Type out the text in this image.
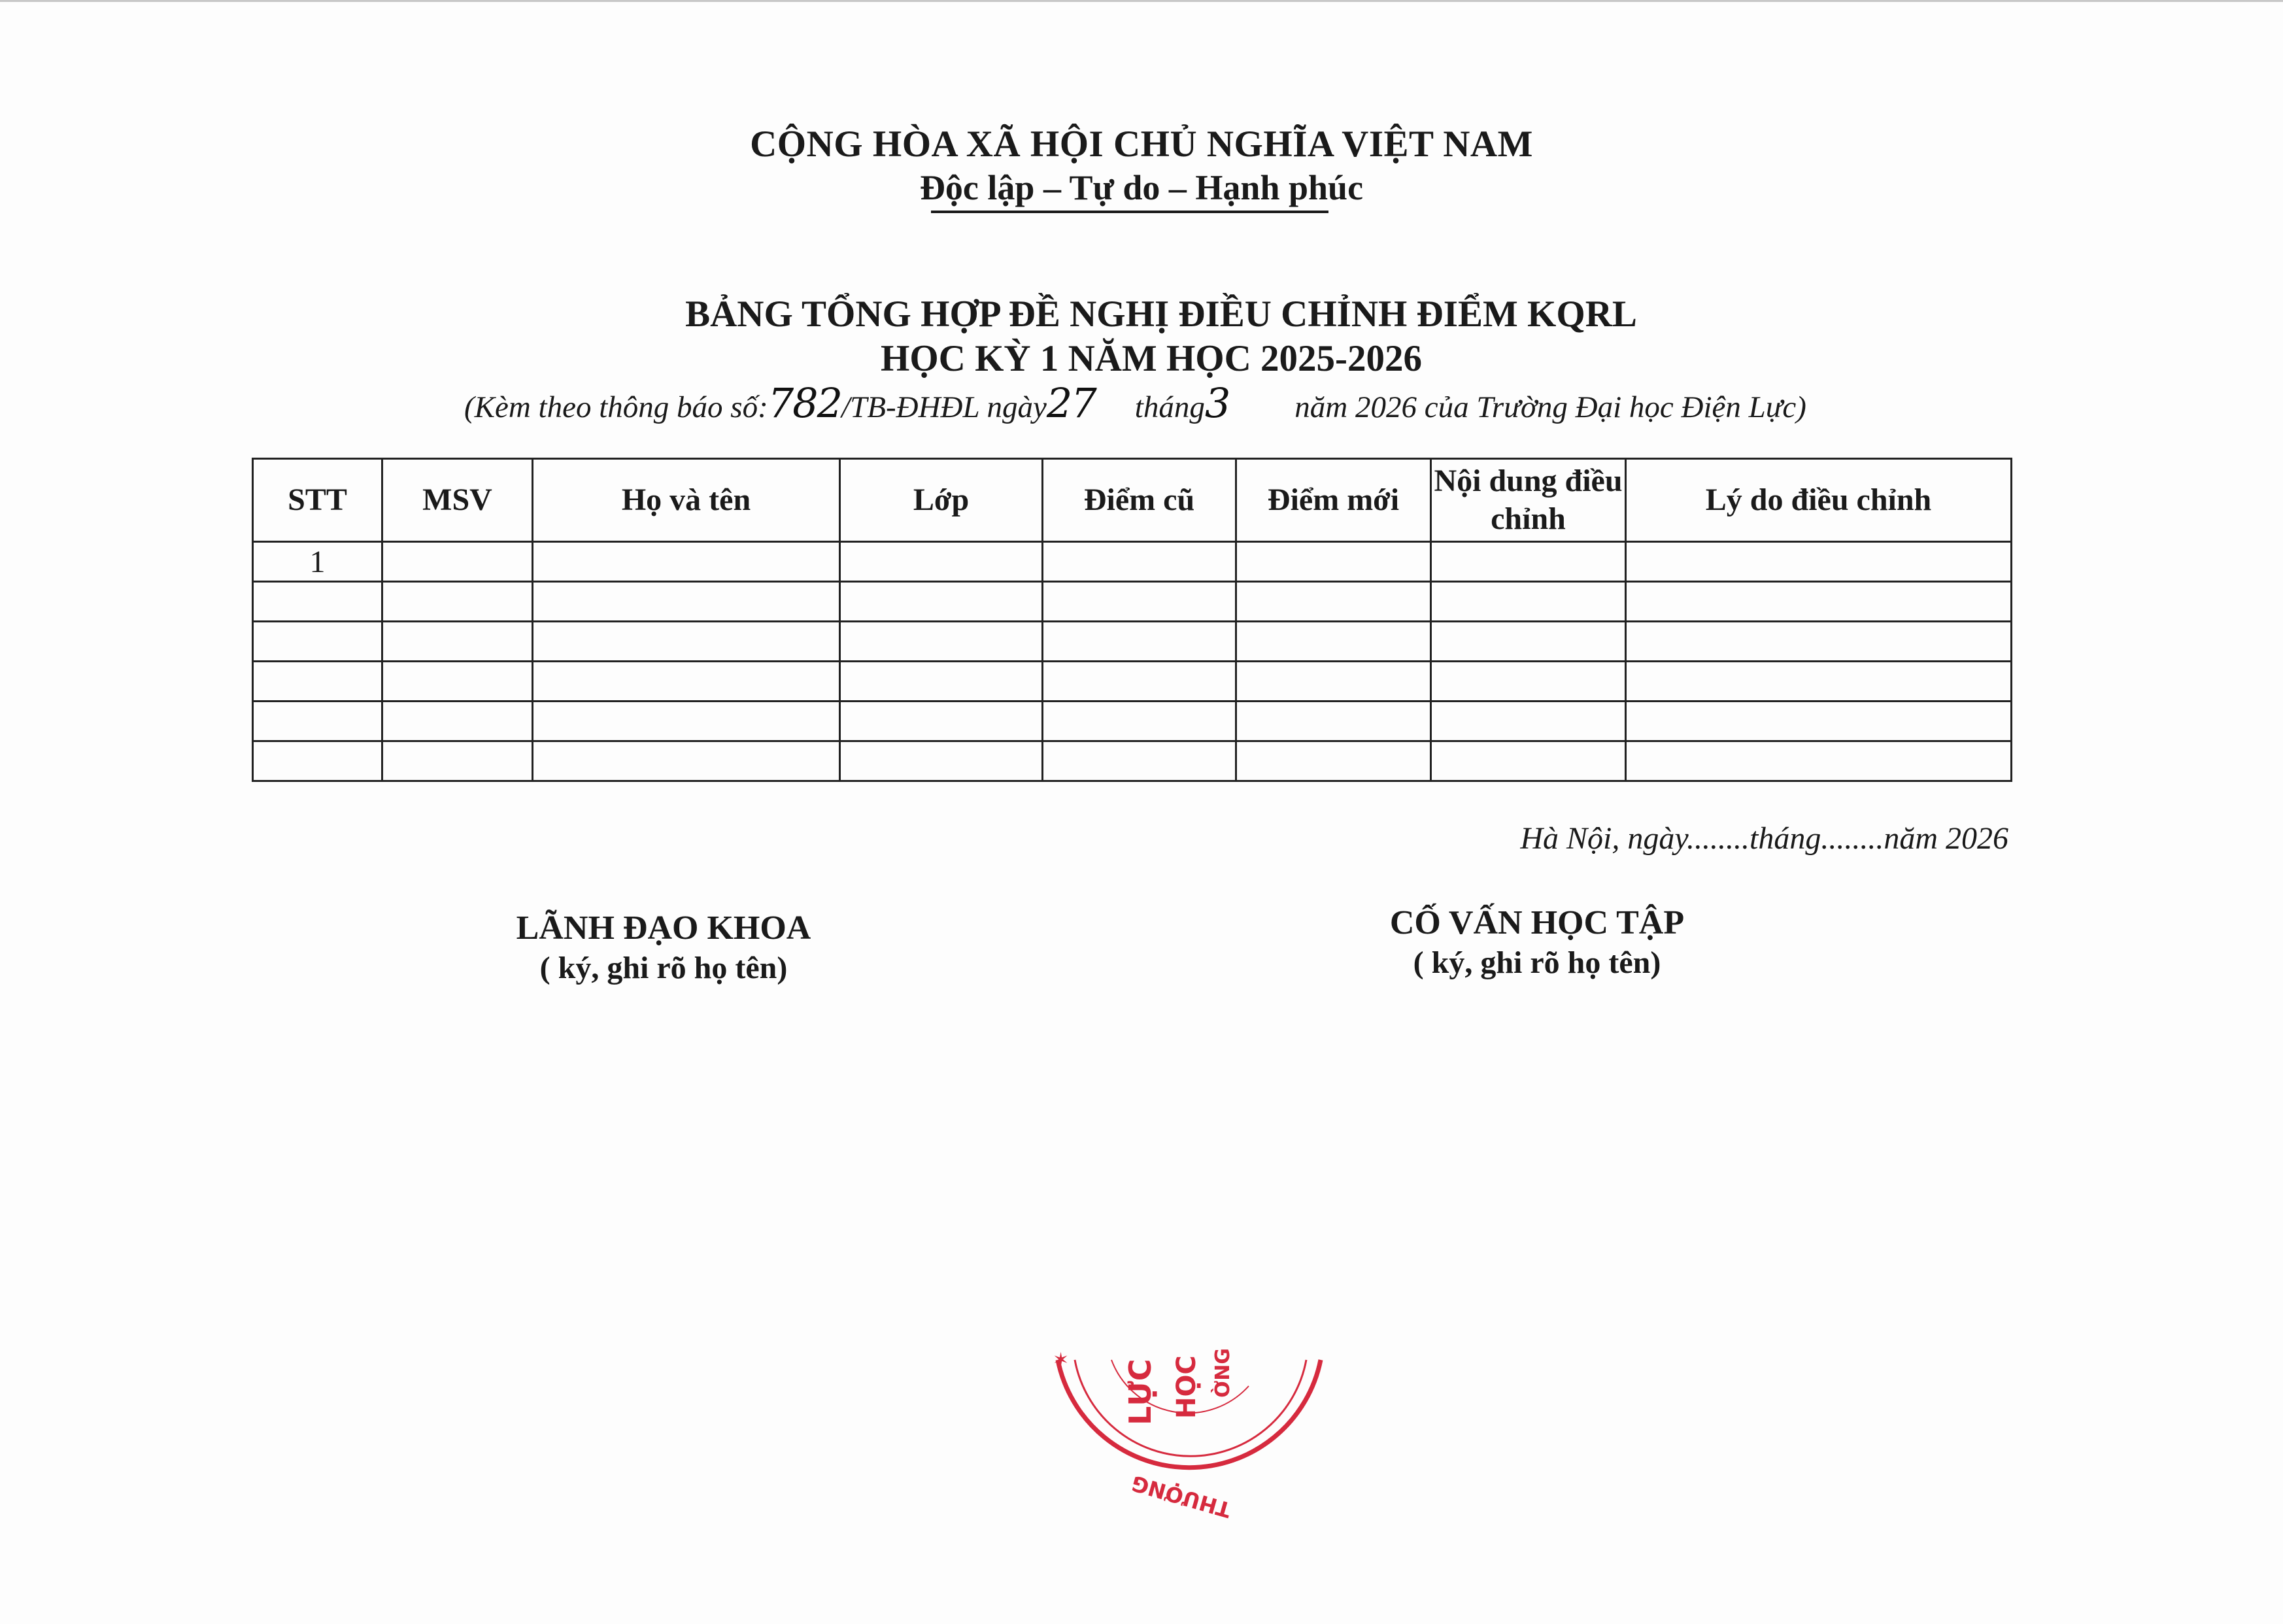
CỘNG HÒA XÃ HỘI CHỦ NGHĨA VIỆT NAM
Độc lập – Tự do – Hạnh phúc
BẢNG TỔNG HỢP ĐỀ NGHỊ ĐIỀU CHỈNH ĐIỂM KQRL
HỌC KỲ 1 NĂM HỌC 2025-2026
(Kèm theo thông báo số:782/TB-ĐHĐL ngày27 tháng3 năm 2026 của Trường Đại học Điện Lực)
STT	MSV	Họ và tên	Lớp	Điểm cũ	Điểm mới	Nội dung điều chỉnh	Lý do điều chỉnh
1							

Hà Nội, ngày........tháng........năm 2026
LÃNH ĐẠO KHOA
( ký, ghi rõ họ tên)
CỐ VẤN HỌC TẬP
( ký, ghi rõ họ tên)
✶ LỰC HỌC ỜNG
THƯỢNG
